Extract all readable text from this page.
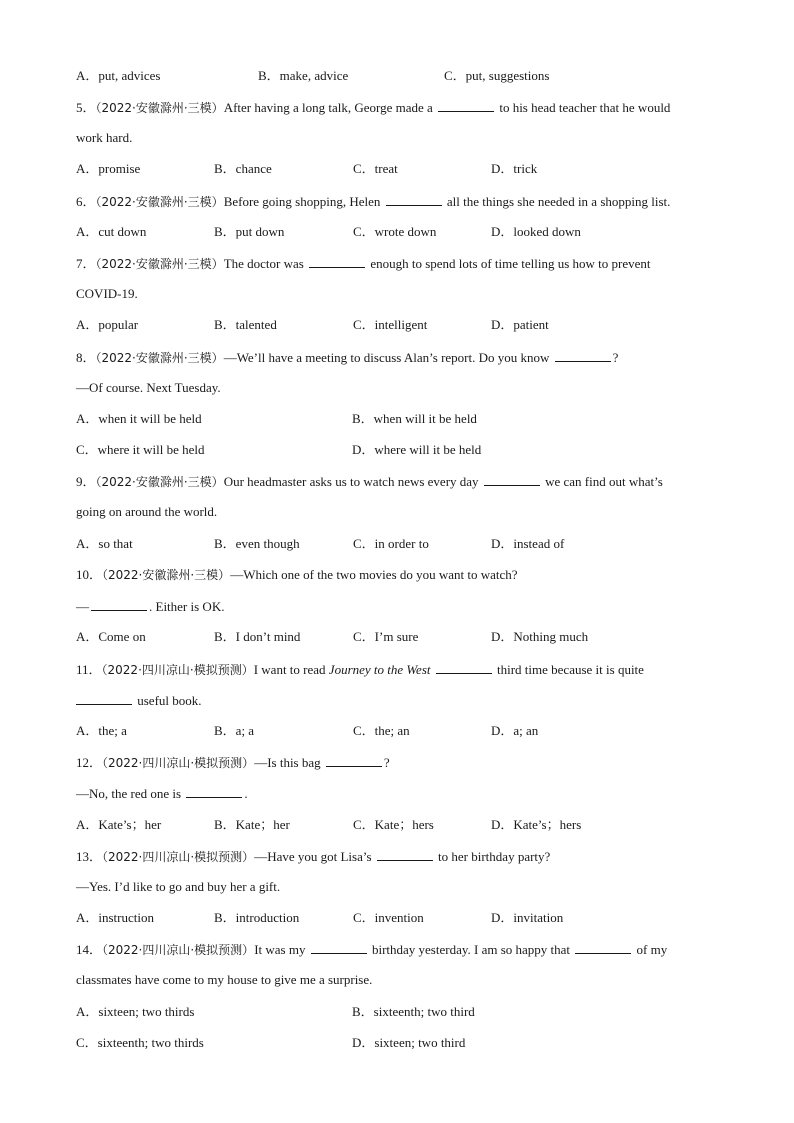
A．put, advices	B．make, advice	C．put, suggestions
5．（2022·安徽滁州·三模）After having a long talk, George made a	to his head teacher that he would
work hard.
A．promise	B．chance	C．treat	D．trick
6．（2022·安徽滁州·三模）Before going shopping, Helen	all the things she needed in a shopping list.
A．cut down	B．put down	C．wrote down	D．looked down
7．（2022·安徽滁州·三模）The doctor was	enough to spend lots of time telling us how to prevent
COVID-19.
A．popular	B．talented	C．intelligent	D．patient
8．（2022·安徽滁州·三模）—We’ll have a meeting to discuss Alan’s report. Do you know	?
—Of course. Next Tuesday.
A．when it will be held	B．when will it be held
C．where it will be held	D．where will it be held
9．（2022·安徽滁州·三模）Our headmaster asks us to watch news every day	we can find out what’s
going on around the world.
A．so that	B．even though	C．in order to	D．instead of
10．（2022·安徽滁州·三模）—Which one of the two movies do you want to watch?
—	. Either is OK.
A．Come on	B．I don’t mind	C．I’m sure	D．Nothing much
11．（2022·四川凉山·模拟预测）I want to read Journey to the West	third time because it is quite
useful book.
A．the; a	B．a; a	C．the; an	D．a; an
12．（2022·四川凉山·模拟预测）—Is this bag	?
—No, the red one is	.
A．Kate’s；her	B．Kate；her	C．Kate；hers	D．Kate’s；hers
13．（2022·四川凉山·模拟预测）—Have you got Lisa’s	to her birthday party?
—Yes. I’d like to go and buy her a gift.
A．instruction	B．introduction	C．invention	D．invitation
14．（2022·四川凉山·模拟预测）It was my	birthday yesterday. I am so happy that	of my
classmates have come to my house to give me a surprise.
A．sixteen; two thirds	B．sixteenth; two third
C．sixteenth; two thirds	D．sixteen; two third
